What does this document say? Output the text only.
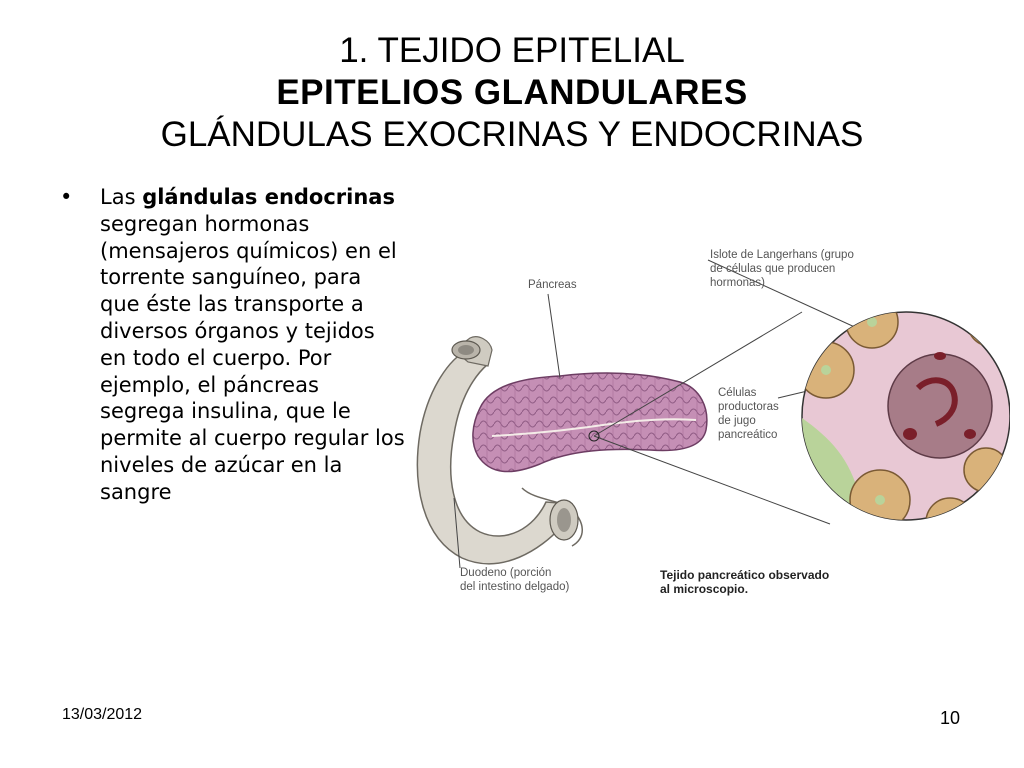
1. TEJIDO EPITELIAL
EPITELIOS GLANDULARES
GLÁNDULAS EXOCRINAS Y ENDOCRINAS
• Las glándulas endocrinas segregan hormonas (mensajeros químicos) en el torrente sanguíneo, para que éste las transporte a diversos órganos y tejidos en todo el cuerpo. Por ejemplo, el páncreas segrega insulina, que le permite al cuerpo regular los niveles de azúcar en la sangre
Páncreas
Islote de Langerhans (grupo
de células que producen
hormonas)
Células
productoras
de jugo
pancreático
Duodeno (porción
del intestino delgado)
Tejido pancreático observado
al microscopio.
13/03/2012	10
